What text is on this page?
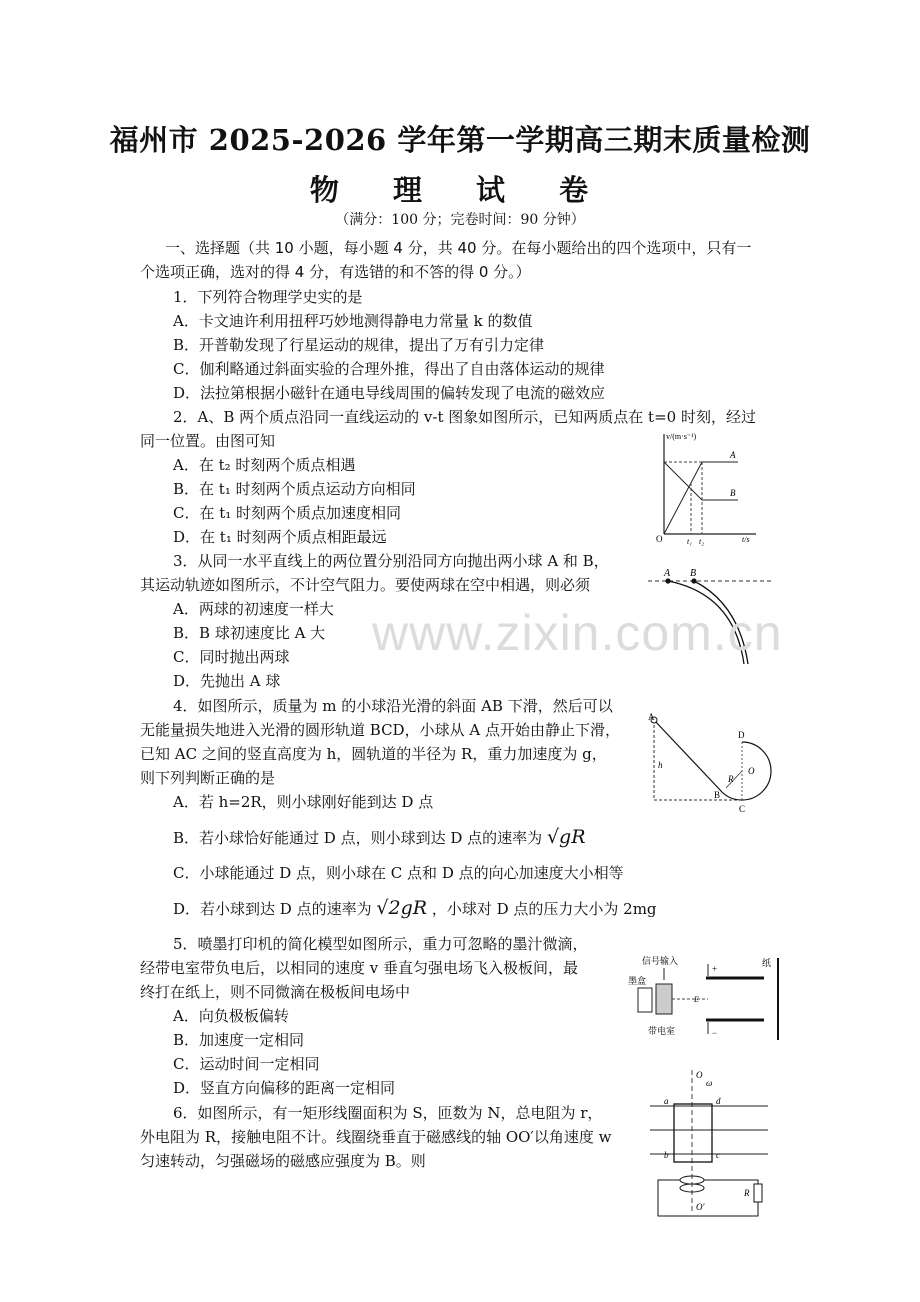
福州市 2025-2026 学年第一学期高三期末质量检测
物 理 试 卷
（满分：100 分；完卷时间：90 分钟）
一、选择题（共 10 小题，每小题 4 分，共 40 分。在每小题给出的四个选项中，只有一
个选项正确，选对的得 4 分，有选错的和不答的得 0 分。）
1．下列符合物理学史实的是
A．卡文迪许利用扭秤巧妙地测得静电力常量 k 的数值
B．开普勒发现了行星运动的规律，提出了万有引力定律
C．伽利略通过斜面实验的合理外推，得出了自由落体运动的规律
D．法拉第根据小磁针在通电导线周围的偏转发现了电流的磁效应
2．A、B 两个质点沿同一直线运动的 v-t 图象如图所示，已知两质点在 t=0 时刻，经过
同一位置。由图可知
A．在 t₂ 时刻两个质点相遇
B．在 t₁ 时刻两个质点运动方向相同
C．在 t₁ 时刻两个质点加速度相同
D．在 t₁ 时刻两个质点相距最远
v/(m·s⁻¹)
t/s
O	t₁ t₂
A
B
3．从同一水平直线上的两位置分别沿同方向抛出两小球 A 和 B，
其运动轨迹如图所示，不计空气阻力。要使两球在空中相遇，则必须
A．两球的初速度一样大
B．B 球初速度比 A 大
C．同时抛出两球
D．先抛出 A 球
A B
4．如图所示，质量为 m 的小球沿光滑的斜面 AB 下滑，然后可以
无能量损失地进入光滑的圆形轨道 BCD，小球从 A 点开始由静止下滑，
已知 AC 之间的竖直高度为 h，圆轨道的半径为 R，重力加速度为 g，
则下列判断正确的是
A．若 h=2R，则小球刚好能到达 D 点
B．若小球恰好能通过 D 点，则小球到达 D 点的速率为 √gR
C．小球能通过 D 点，则小球在 C 点和 D 点的向心加速度大小相等
D．若小球到达 D 点的速率为 √2gR ，小球对 D 点的压力大小为 2mg
A
B
C
D
O
h
R
5．喷墨打印机的简化模型如图所示，重力可忽略的墨汁微滴，
经带电室带负电后，以相同的速度 v 垂直匀强电场飞入极板间，最
终打在纸上，则不同微滴在极板间电场中
A．向负极板偏转
B．加速度一定相同
C．运动时间一定相同
D．竖直方向偏移的距离一定相同
信号输入
墨盒
带电室
纸
+
−
E
6．如图所示，有一矩形线圈面积为 S，匝数为 N，总电阻为 r，
外电阻为 R，接触电阻不计。线圈绕垂直于磁感线的轴 OO′以角速度 w
匀速转动，匀强磁场的磁感应强度为 B。则
O
O′
ω
a
b	c
d
R
www.zixin.com.cn
